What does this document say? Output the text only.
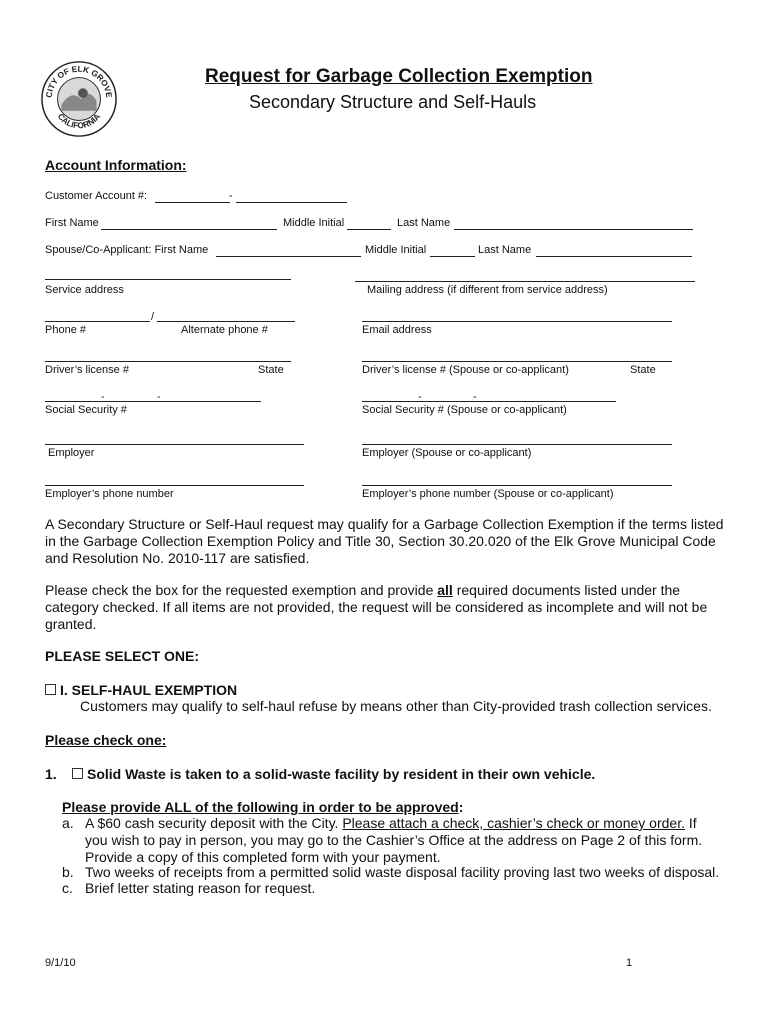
CITY OF ELK GROVE
CALIFORNIA
Request for Garbage Collection Exemption
Secondary Structure and Self-Hauls
Account Information:
Customer Account #:	-
First Name	Middle Initial	Last Name
Spouse/Co-Applicant: First Name	Middle Initial	Last Name
Service address	Mailing address (if different from service address)
/
Phone #	Alternate phone #	Email address
Driver’s license #	State	Driver’s license # (Spouse or co-applicant)	State
-	-	-	-
Social Security #	Social Security # (Spouse or co-applicant)
Employer	Employer (Spouse or co-applicant)
Employer’s phone number	Employer’s phone number (Spouse or co-applicant)
A Secondary Structure or Self-Haul request may qualify for a Garbage Collection Exemption if the terms listed
in the Garbage Collection Exemption Policy and Title 30, Section 30.20.020 of the Elk Grove Municipal Code
and Resolution No. 2010-117 are satisfied.
Please check the box for the requested exemption and provide all required documents listed under the
category checked. If all items are not provided, the request will be considered as incomplete and will not be
granted.
PLEASE SELECT ONE:
I. SELF-HAUL EXEMPTION
Customers may qualify to self-haul refuse by means other than City-provided trash collection services.
Please check one:
1.	Solid Waste is taken to a solid-waste facility by resident in their own vehicle.
Please provide ALL of the following in order to be approved:
a. A $60 cash security deposit with the City. Please attach a check, cashier’s check or money order. If
you wish to pay in person, you may go to the Cashier’s Office at the address on Page 2 of this form.
Provide a copy of this completed form with your payment.
b. Two weeks of receipts from a permitted solid waste disposal facility proving last two weeks of disposal.
c. Brief letter stating reason for request.
9/1/10	1
